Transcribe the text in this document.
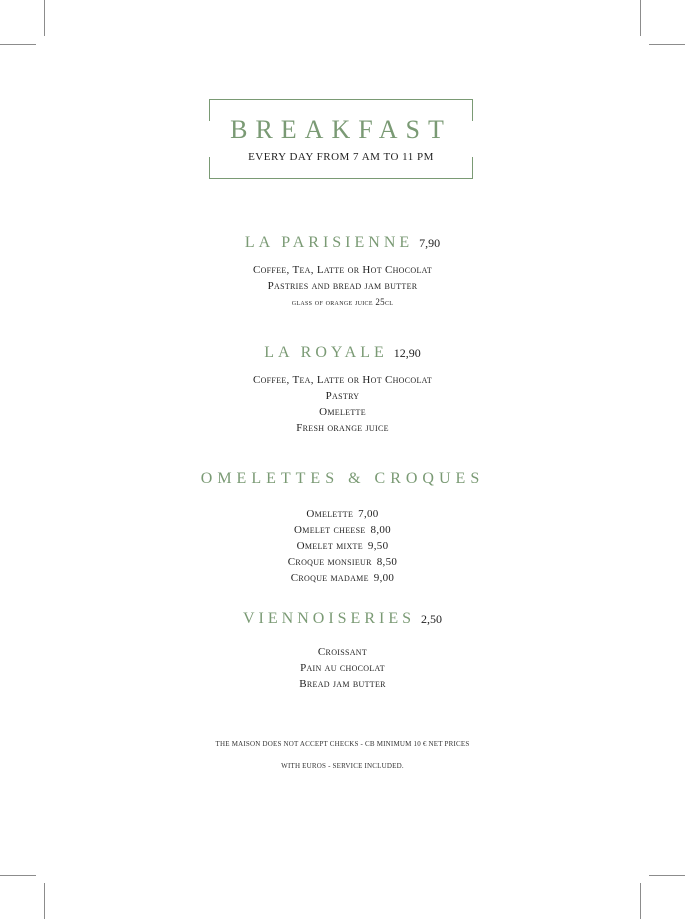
BREAKFAST
EVERY DAY FROM 7 AM TO 11 PM
LA PARISIENNE 7,90
Coffee, Tea, Latte or Hot Chocolat
Pastries and bread jam butter
glass of orange juice 25cl
LA ROYALE 12,90
Coffee, Tea, Latte or Hot Chocolat
Pastry
Omelette
Fresh orange juice
OMELETTES & CROQUES
Omelette 7,00
Omelet cheese 8,00
Omelet mixte 9,50
Croque monsieur 8,50
Croque madame 9,00
VIENNOISERIES 2,50
Croissant
Pain au chocolat
Bread jam butter
THE MAISON DOES NOT ACCEPT CHECKS - CB MINIMUM 10 € NET PRICES
WITH EUROS - SERVICE INCLUDED.
